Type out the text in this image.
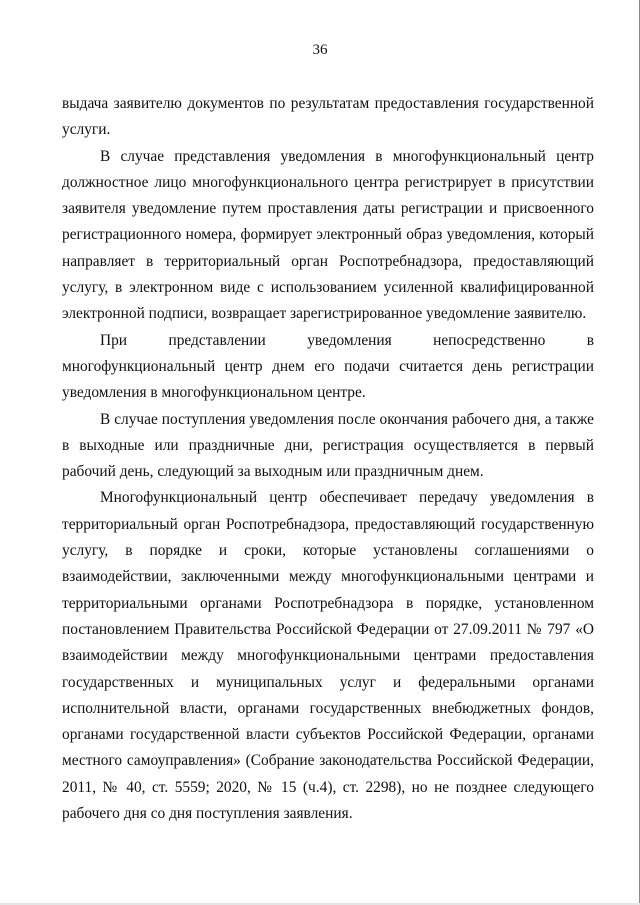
36

выдача заявителю документов по результатам предоставления государственной услуги.

В случае представления уведомления в многофункциональный центр должностное лицо многофункционального центра регистрирует в присутствии заявителя уведомление путем проставления даты регистрации и присвоенного регистрационного номера, формирует электронный образ уведомления, который направляет в территориальный орган Роспотребнадзора, предоставляющий услугу, в электронном виде с использованием усиленной квалифицированной электронной подписи, возвращает зарегистрированное уведомление заявителю.

При представлении уведомления непосредственно в многофункциональный центр днем его подачи считается день регистрации уведомления в многофункциональном центре.

В случае поступления уведомления после окончания рабочего дня, а также в выходные или праздничные дни, регистрация осуществляется в первый рабочий день, следующий за выходным или праздничным днем.

Многофункциональный центр обеспечивает передачу уведомления в территориальный орган Роспотребнадзора, предоставляющий государственную услугу, в порядке и сроки, которые установлены соглашениями о взаимодействии, заключенными между многофункциональными центрами и территориальными органами Роспотребнадзора в порядке, установленном постановлением Правительства Российской Федерации от 27.09.2011 № 797 «О взаимодействии между многофункциональными центрами предоставления государственных и муниципальных услуг и федеральными органами исполнительной власти, органами государственных внебюджетных фондов, органами государственной власти субъектов Российской Федерации, органами местного самоуправления» (Собрание законодательства Российской Федерации, 2011, № 40, ст. 5559; 2020, № 15 (ч.4), ст. 2298), но не позднее следующего рабочего дня со дня поступления заявления.
